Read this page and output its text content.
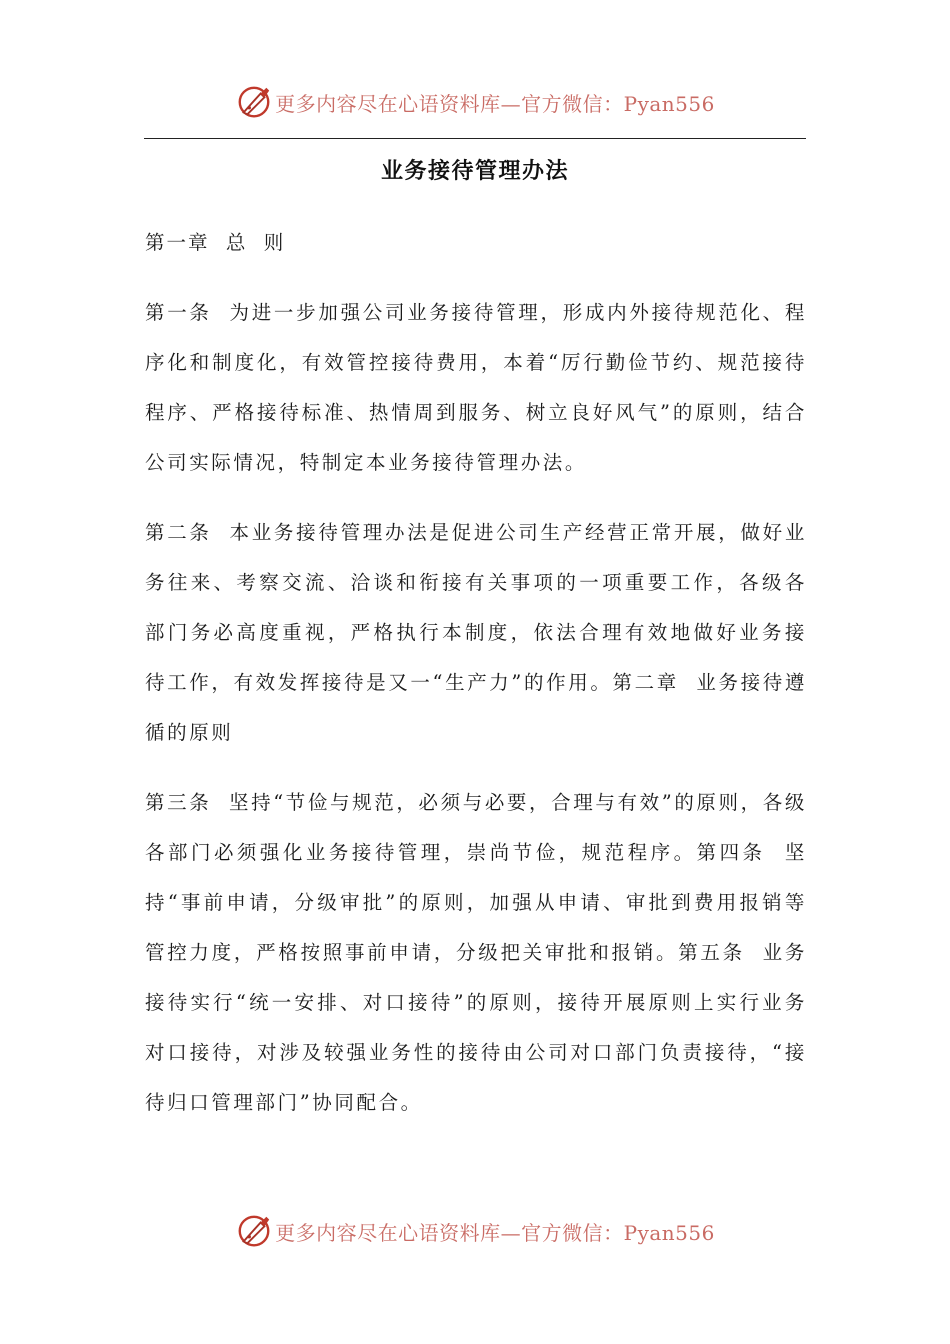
更多内容尽在心语资料库—官方微信：Pyan556
业务接待管理办法
第一章  总  则
第一条  为进一步加强公司业务接待管理，形成内外接待规范化、程序化和制度化，有效管控接待费用，本着“厉行勤俭节约、规范接待程序、严格接待标准、热情周到服务、树立良好风气”的原则，结合公司实际情况，特制定本业务接待管理办法。
第二条  本业务接待管理办法是促进公司生产经营正常开展，做好业务往来、考察交流、洽谈和衔接有关事项的一项重要工作，各级各部门务必高度重视，严格执行本制度，依法合理有效地做好业务接待工作，有效发挥接待是又一“生产力”的作用。第二章  业务接待遵循的原则
第三条  坚持“节俭与规范，必须与必要，合理与有效”的原则，各级各部门必须强化业务接待管理，崇尚节俭，规范程序。第四条  坚持“事前申请，分级审批”的原则，加强从申请、审批到费用报销等管控力度，严格按照事前申请，分级把关审批和报销。第五条  业务接待实行“统一安排、对口接待”的原则，接待开展原则上实行业务对口接待，对涉及较强业务性的接待由公司对口部门负责接待，“接待归口管理部门”协同配合。
更多内容尽在心语资料库—官方微信：Pyan556
